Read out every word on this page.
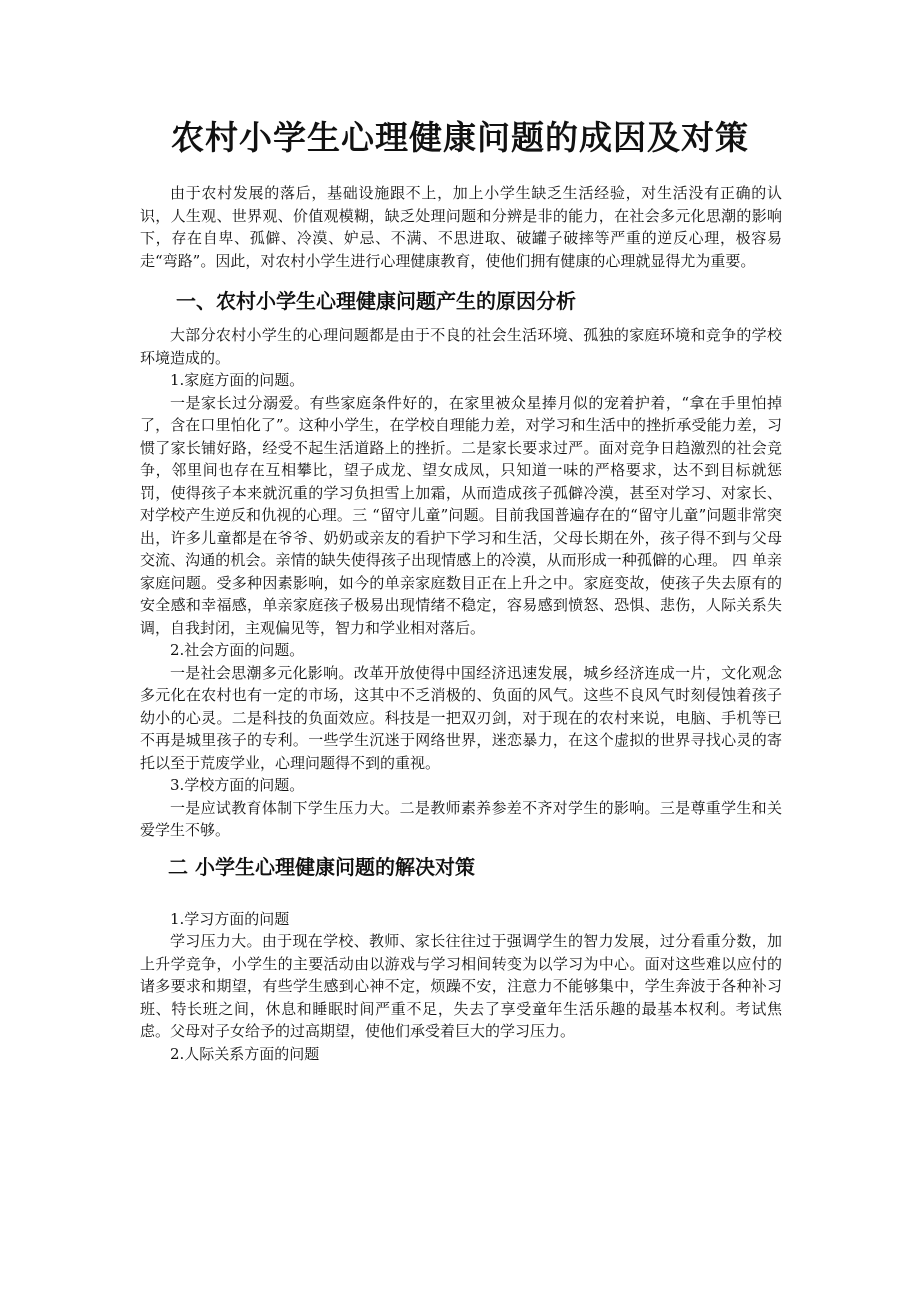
农村小学生心理健康问题的成因及对策

由于农村发展的落后，基础设施跟不上，加上小学生缺乏生活经验，对生活没有正确的认识，人生观、世界观、价值观模糊，缺乏处理问题和分辨是非的能力，在社会多元化思潮的影响下，存在自卑、孤僻、冷漠、妒忌、不满、不思进取、破罐子破摔等严重的逆反心理，极容易走“弯路”。因此，对农村小学生进行心理健康教育，使他们拥有健康的心理就显得尤为重要。

一、农村小学生心理健康问题产生的原因分析

大部分农村小学生的心理问题都是由于不良的社会生活环境、孤独的家庭环境和竞争的学校环境造成的。

1.家庭方面的问题。

一是家长过分溺爱。有些家庭条件好的，在家里被众星捧月似的宠着护着，“拿在手里怕掉了，含在口里怕化了”。这种小学生，在学校自理能力差，对学习和生活中的挫折承受能力差，习惯了家长铺好路，经受不起生活道路上的挫折。二是家长要求过严。面对竞争日趋激烈的社会竞争，邻里间也存在互相攀比，望子成龙、望女成凤，只知道一味的严格要求，达不到目标就惩罚，使得孩子本来就沉重的学习负担雪上加霜，从而造成孩子孤僻冷漠，甚至对学习、对家长、对学校产生逆反和仇视的心理。三 “留守儿童”问题。目前我国普遍存在的“留守儿童”问题非常突出，许多儿童都是在爷爷、奶奶或亲友的看护下学习和生活，父母长期在外，孩子得不到与父母交流、沟通的机会。亲情的缺失使得孩子出现情感上的冷漠，从而形成一种孤僻的心理。 四 单亲家庭问题。受多种因素影响，如今的单亲家庭数目正在上升之中。家庭变故，使孩子失去原有的安全感和幸福感，单亲家庭孩子极易出现情绪不稳定，容易感到愤怒、恐惧、悲伤，人际关系失调，自我封闭，主观偏见等，智力和学业相对落后。

2.社会方面的问题。

一是社会思潮多元化影响。改革开放使得中国经济迅速发展，城乡经济连成一片，文化观念多元化在农村也有一定的市场，这其中不乏消极的、负面的风气。这些不良风气时刻侵蚀着孩子幼小的心灵。二是科技的负面效应。科技是一把双刃剑，对于现在的农村来说，电脑、手机等已不再是城里孩子的专利。一些学生沉迷于网络世界，迷恋暴力，在这个虚拟的世界寻找心灵的寄托以至于荒废学业，心理问题得不到的重视。

3.学校方面的问题。

一是应试教育体制下学生压力大。二是教师素养参差不齐对学生的影响。三是尊重学生和关爱学生不够。

二 小学生心理健康问题的解决对策

1.学习方面的问题

学习压力大。由于现在学校、教师、家长往往过于强调学生的智力发展，过分看重分数，加上升学竞争，小学生的主要活动由以游戏与学习相间转变为以学习为中心。面对这些难以应付的诸多要求和期望，有些学生感到心神不定，烦躁不安，注意力不能够集中，学生奔波于各种补习班、特长班之间，休息和睡眠时间严重不足，失去了享受童年生活乐趣的最基本权利。考试焦虑。父母对子女给予的过高期望，使他们承受着巨大的学习压力。

2.人际关系方面的问题
